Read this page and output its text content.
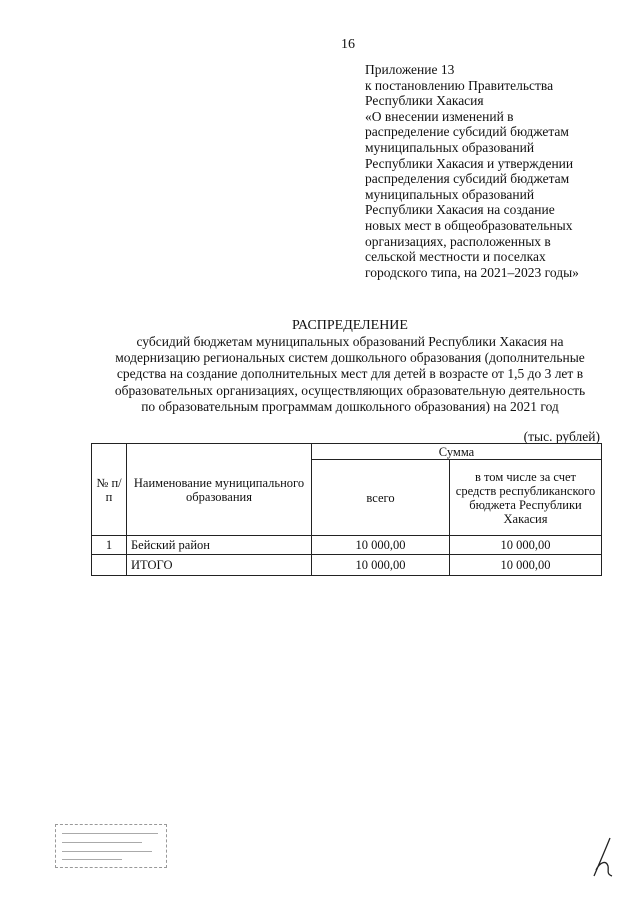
16
Приложение 13
к постановлению Правительства
Республики Хакасия
«О внесении изменений в
распределение субсидий бюджетам
муниципальных образований
Республики Хакасия и утверждении
распределения субсидий бюджетам
муниципальных образований
Республики Хакасия на создание
новых мест в общеобразовательных
организациях, расположенных в
сельской местности и поселках
городского типа, на 2021–2023 годы»
РАСПРЕДЕЛЕНИЕ
субсидий бюджетам муниципальных образований Республики Хакасия на
модернизацию региональных систем дошкольного образования (дополнительные
средства на создание дополнительных мест для детей в возрасте от 1,5 до 3 лет в
образовательных организациях, осуществляющих образовательную деятельность
по образовательным программам дошкольного образования) на 2021 год
(тыс. рублей)
№ п/п	Наименование муниципального образования	Сумма	
		всего	в том числе за счет средств республиканского бюджета Республики Хакасия
1	Бейский район	10 000,00	10 000,00
	ИТОГО	10 000,00	10 000,00
